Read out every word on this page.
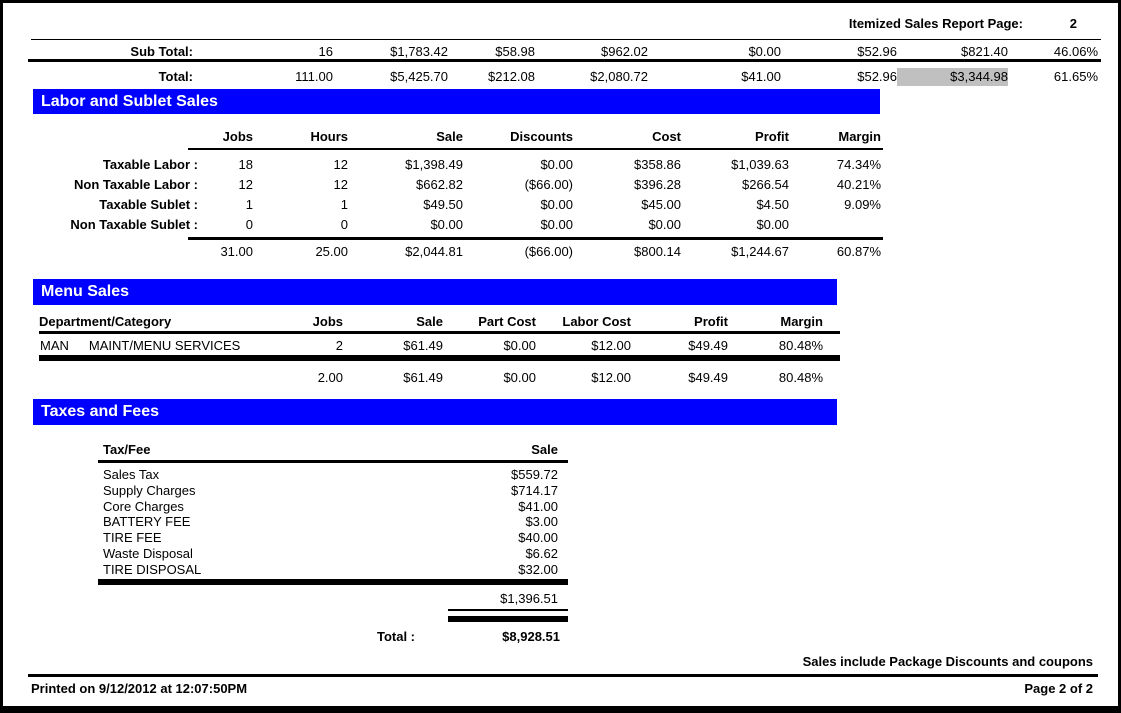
Itemized Sales Report Page:	2
Sub Total:	16	$1,783.42	$58.98	$962.02	$0.00	$52.96	$821.40	46.06%
Total:	111.00	$5,425.70	$212.08	$2,080.72	$41.00	$52.96	$3,344.98	61.65%
Labor and Sublet Sales
Jobs	Hours	Sale	Discounts	Cost	Profit	Margin
Taxable Labor :	18	12	$1,398.49	$0.00	$358.86	$1,039.63	74.34%
Non Taxable Labor :	12	12	$662.82	($66.00)	$396.28	$266.54	40.21%
Taxable Sublet :	1	1	$49.50	$0.00	$45.00	$4.50	9.09%
Non Taxable Sublet :	0	0	$0.00	$0.00	$0.00	$0.00
31.00	25.00	$2,044.81	($66.00)	$800.14	$1,244.67	60.87%
Menu Sales
Department/Category	Jobs	Sale	Part Cost	Labor Cost	Profit	Margin
MAN MAINT/MENU SERVICES	2	$61.49	$0.00	$12.00	$49.49	80.48%
2.00	$61.49	$0.00	$12.00	$49.49	80.48%
Taxes and Fees
Tax/Fee	Sale
Sales Tax	$559.72
Supply Charges	$714.17
Core Charges	$41.00
BATTERY FEE	$3.00
TIRE FEE	$40.00
Waste Disposal	$6.62
TIRE DISPOSAL	$32.00
$1,396.51
Total :	$8,928.51
Sales include Package Discounts and coupons
Printed on 9/12/2012 at 12:07:50PM	Page 2 of 2
